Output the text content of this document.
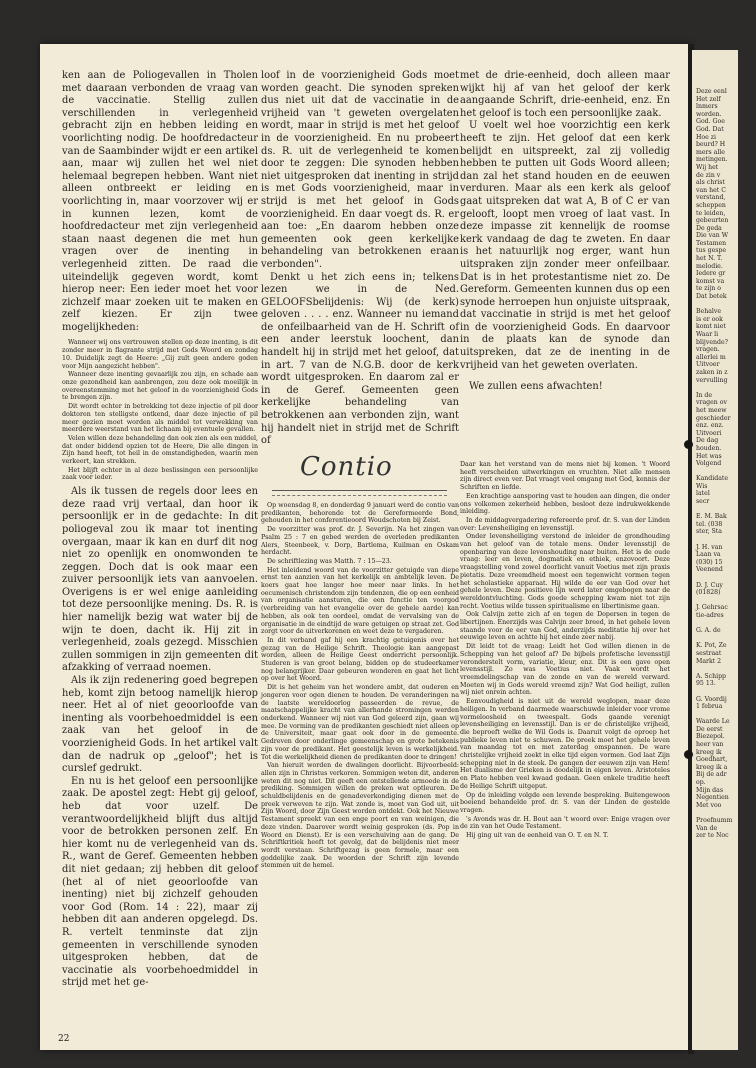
ken aan de Poliogevallen in Tholen met daaraan verbonden de vraag van de vaccinatie. Stellig zullen verschillenden in verlegenheid gebracht zijn en hebben leiding en voorlichting nodig. De hoofdredacteur van de Saambinder wijdt er een artikel aan, maar wij zullen het wel niet helemaal begrepen hebben. Want niet alleen ontbreekt er leiding en voorlichting in, maar voorzover wij er in kunnen lezen, komt de hoofdredacteur met zijn verlegenheid staan naast degenen die met hun vragen over de inenting in verlegenheid zitten. De raad die uiteindelijk gegeven wordt, komt hierop neer: Een ieder moet het voor zichzelf maar zoeken uit te maken en zelf kiezen. Er zijn twee mogelijkheden:

Wanneer wij ons vertrouwen stellen op deze inenting, is dit zonder meer in flagrante strijd met Gods Woord en zondag 10. Duidelijk zegt de Heere: „Gij zult geen andere goden voor Mijn aangezicht hebben".

Wanneer deze inenting gevaarlijk zou zijn, en schade aan onze gezondheid kan aanbrengen, zou deze ook moeilijk in overeenstemming met het geloof in de voorzienigheid Gods te brengen zijn.

Dit wordt echter in betrekking tot deze injectie of pil door doktoren ten stelligste ontkend, daar deze injectie of pil meer gezien moet worden als middel tot verwekking van meerdere weerstand van het lichaam bij eventuele gevallen.

Velen willen deze behandeling dan ook zien als een middel, dat onder biddend opzien tot de Heere, Die alle dingen in Zijn hand heeft, tot heil in de omstandigheden, waarin men verkeert, kan strekken.

Het blijft echter in al deze beslissingen een persoonlijke zaak voor ieder.

Als ik tussen de regels door lees en deze raad vrij vertaal, dan hoor ik persoonlijk er in de gedachte: In dit poliogeval zou ik maar tot inenting overgaan, maar ik kan en durf dit nog niet zo openlijk en onomwonden te zeggen. Doch dat is ook maar een zuiver persoonlijk iets van aanvoelen. Overigens is er wel enige aanleiding tot deze persoonlijke mening. Ds. R. is hier namelijk bezig wat water bij de wijn te doen, dacht ik. Hij zit in verlegenheid, zoals gezegd. Misschien zullen sommigen in zijn gemeenten dit afzakking of verraad noemen.

Als ik zijn redenering goed begrepen heb, komt zijn betoog namelijk hierop neer. Het al of niet geoorloofde van inenting als voorbehoedmiddel is een zaak van het geloof in de voorzienigheid Gods. In het artikel valt dan de nadruk op „geloof"; het is curslef gedrukt.

En nu is het geloof een persoonlijke zaak. De apostel zegt: Hebt gij geloof, heb dat voor uzelf. De verantwoordelijkheid blijft dus altijd voor de betrokken personen zelf. En hier komt nu de verlegenheid van ds. R., want de Geref. Gemeenten hebben dit niet gedaan; zij hebben dit geloof (het al of niet geoorloofde van inenting) niet bij zichzelf gehouden voor God (Rom. 14 : 22), maar zij hebben dit aan anderen opgelegd. Ds. R. vertelt tenminste dat zijn gemeenten in verschillende synoden uitgesproken hebben, dat de vaccinatie als voorbehoedmiddel in strijd met het ge-

loof in de voorzienigheid Gods moet worden geacht. Die synoden spreken dus niet uit dat de vaccinatie in de vrijheid van 't geweten overgelaten wordt, maar in strijd is met het geloof in de voorzienigheid. En nu probeert ds. R. uit de verlegenheid te komen door te zeggen: Die synoden hebben niet uitgesproken dat inenting in strijd is met Gods voorzienigheid, maar in strijd is met het geloof in Gods voorzienigheid. En daar voegt ds. R. er aan toe: „En daarom hebben onze gemeenten ook geen kerkelijke behandeling van betrokkenen eraan verbonden".

Denkt u het zich eens in; telkens lezen we in de Ned. GELOOFSbelijdenis: Wij (de kerk) geloven . . . . enz. Wanneer nu iemand de onfeilbaarheid van de H. Schrift of een ander leerstuk loochent, dan handelt hij in strijd met het geloof, dat in art. 7 van de N.G.B. door de kerk wordt uitgesproken. En daarom zal er in de Geref. Gemeenten geen kerkelijke behandeling van betrokkenen aan verbonden zijn, want hij handelt niet in strijd met de Schrift of

met de drie-eenheid, doch alleen maar wijkt hij af van het geloof der kerk aangaande Schrift, drie-eenheid, enz. En het geloof is toch een persoonlijke zaak.

U voelt wel hoe voorzichtig een kerk heeft te zijn. Het geloof dat een kerk belijdt en uitspreekt, zal zij volledig hebben te putten uit Gods Woord alleen; dan zal het stand houden en de eeuwen verduren. Maar als een kerk als geloof gaat uitspreken dat wat A, B of C er van gelooft, loopt men vroeg of laat vast. In deze impasse zit kennelijk de roomse kerk vandaag de dag te zweten. En daar is het natuurlijk nog erger, want hun uitspraken zijn zonder meer onfeilbaar. Dat is in het protestantisme niet zo. De Gereform. Gemeenten kunnen dus op een synode herroepen hun onjuiste uitspraak, dat vaccinatie in strijd is met het geloof in de voorzienigheid Gods. En daarvoor in de plaats kan de synode dan uitspreken, dat ze de inenting in de vrijheid van het geweten overlaten.

We zullen eens afwachten!

Contio

Op woensdag 8, en donderdag 9 januari werd de contio van predikanten, behorende tot de Gereformeerde Bond, gehouden in het conferentieoord Woudschoten bij Zeist.

De voorzitter was prof. dr. J. Severijn. Na het zingen van Psalm 25 : 7 en gebed werden de overleden predikanten Alers, Steenbeek, v. Dorp, Bartlema, Kuilman en Oskam herdacht.

De schriftlezing was Matth. 7 : 15—23.

Het inleidend woord van de voorzitter getuigde van diepe ernst ten aanzien van het kerkelijk en ambtelijk leven. De koers gaat hoe langer hoe meer naar links. In het oecumenisch christendom zijn tendenzen, die op een eenheid van organisatie aansturen, die een functie ten voorgod (verbreiding van het evangelie over de gehele aarde) kan hebben, als ook ten oordeel, omdat de vervalsing van de organisatie in de eindtijd de ware getuigen op straat zet. God zorgt voor de uitverkorenen en weet deze te vergaderen.

In dit verband gaf hij een krachtig getuigenis over het gezag van de Heilige Schrift. Theologie kan aangepast worden, alleen de Heilige Geest onderricht persoonlijk. Studeren is van groot belang, bidden op de studeerkamer nog belangrijker. Daar gebeuren wonderen en gaat het licht op over het Woord.

Dit is het geheim van het wondere ambt, dat ouderen en jongeren voor ogen dienen te houden. De veranderingen na de laatste wereldoorlog passeerden de revue, de maatschappelijke kracht van allerhande stromingen werden onderkend. Wanneer wij niet van God geleerd zijn, gaan wij mee. De vorming van de predikanten geschiedt niet alleen op de Universiteit, maar gaat ook door in de gemeente. Gedreven door onderlinge gemeenschap en grote betekenis zijn voor de predikant. Het geestelijk leven is werkelijkheid. Tot die werkelijkheid dienen de predikanten door te dringen!

Van hieruit worden de dwalingen doorlicht. Bijvoorbeeld: allen zijn in Christus verkoren. Sommigen weten dit, anderen weten dit nog niet. Dit geeft een ontstellende armoede in de prediking. Sommigen willen de preken wat optleuren. De schuldbelijdenis en de genadeverkondiging dienen met de preek verweven te zijn. Wat zonde is, moet van God uit, uit Zijn Woord, door Zijn Geest worden ontdekt. Ook het Nieuwe Testament spreekt van een enge poort en van weinigen, die deze vinden. Daarover wordt weinig gesproken (ds. Pop in Woord en Dienst). Er is een verschuiving aan de gang. De Schriftkritiek heeft tot gevolg, dat de belijdenis niet meer wordt verstaan. Schriftgezag is geen formele, maar een goddelijke zaak. De woorden der Schrift zijn levende stemmen uit de hemel.

Daar kan het verstand van de mens niet bij komen. 't Woord heeft verscheiden uitwerkingen en vruchten. Niet alle mensen zijn direct even ver. Dat vraagt veel omgang met God, kennis der Schriften en liefde.

Een krachtige aansporing vast te houden aan dingen, die onder ons volkomen zekerheid hebben, besloot deze indrukwekkende inleiding.

In de middagvergadering refereerde prof. dr. S. van der Linden over: Levensheiliging en levensstijl.

Onder levensheiliging verstond de inleider de grondhouding van het geloof van de totale mens. Onder levensstijl de openbaring van deze levenshouding naar buiten. Het is de oude vraag: leer en leven, dogmatiek en ethiek, enzovoort. Deze vraagstelling vond zowel doorlicht vanuit Voetius met zijn praxis pietatis. Deze vreemdheid moest een tegenwicht vormen tegen het scholastieke apparaat. Hij wilde de eer van God over het gehele leven. Deze positieve lijn werd later omgebogen naar de wereldontvluchting. Gods goede schepping kwam niet tot zijn recht. Voetius wilde tussen spiritualisme en libertinisme gaan.

Ook Calvijn zette zich af en tegen de Dopersen in tegen de libertijnen. Enerzijds was Calvijn zeer breed, in het gehele leven staande voor de eer van God, anderzijds meditatie hij over het eeuwige leven en achtte hij het einde zeer nabij.

Dit leidt tot de vraag: Leidt het God willen dienen in de Schepping van het geloof af? De bijbels profetische levensstijl veronderstelt vorm, variatie, kleur, enz. Dit is een gave open levensstijl. Zo was Voetius niet. Vaak wordt het vreemdelingschap van de zonde en van de wereld verward. Moeten wij in Gods wereld vreemd zijn? Wat God heiligt, zullen wij niet onrein achten.

Eenvoudigheid is niet uit de wereld weglopen, maar deze heiligen. In verband daarmede waarschuwde inleider voor vrome vormeloosheid en tweespalt. Gods gaande verenigt levensheiliging en levensstijl. Dan is er de christelijke vrijheid, die beproeft welke de Wil Gods is. Daaruit volgt de oproep het publieke leven niet te schuwen. De preek moet het gehele leven van maandag tot en met zaterdag omspannen. De ware christelijke vrijheid zoekt in elke tijd eigen vormen. God laat Zijn schepping niet in de steek. De gangen der eeuwen zijn van Hem! Het dualisme der Grieken is doodelijk in eigen leven. Aristoteles en Plato hebben veel kwaad gedaan. Geen enkele traditie heeft de Heilige Schrift uitgeput.

Op de inleiding volgde een levende bespreking. Buitengewoon boeiend behandelde prof. dr. S. van der Linden de gestelde vragen.

's Avonds was dr. H. Bout aan 't woord over: Enige vragen over de zin van het Oude Testament.

Hij ging uit van de eenheid van O. T. en N. T.

22
Deze eenl
Het zelf
lnmers
worden.
God. Goe
God. Dat
Hoe zi
beurd? H
mers alle
metingen.
Wij het
de zin v
als christ
van het C
verstand,
scheppen
te leiden,
gebeurten
De geda
Die van W
Testamen
tus gespe
het N. T.
melodie.
Iedere gr
komst va
te zijn o
Dat betek

Behalve
is er ook
komt niet
Waar li
blijvende?
vragen.
allerlei m
Uitvoer
zaken in z
vervulling

In de
vragen ov
het meew
geschieder
enz. enz.
Uitvoeri
De dag
houden.
Het was
Volgend

Kandidate
Wis
latel
secr

E. M. Bak
tel. (038
ster, Sta

J. H. van
Laan va
(030) 15
Veenend

D. J. Cuy
(01828)

J. Gehrsac
tie-adres

G. A. de

K. Pot, Ze
sestraat
Markt 2

A. Schipp
95 13.

G. Voordij
1 februa

Waarde Le
De eerst
Biezepol.
heer van
kreeg ik
Goedhart,
kreeg ik a
Bij de adr
op.
Mijn das
Negentien
Met voo

Proefnumm
Van de
zer te Noc
